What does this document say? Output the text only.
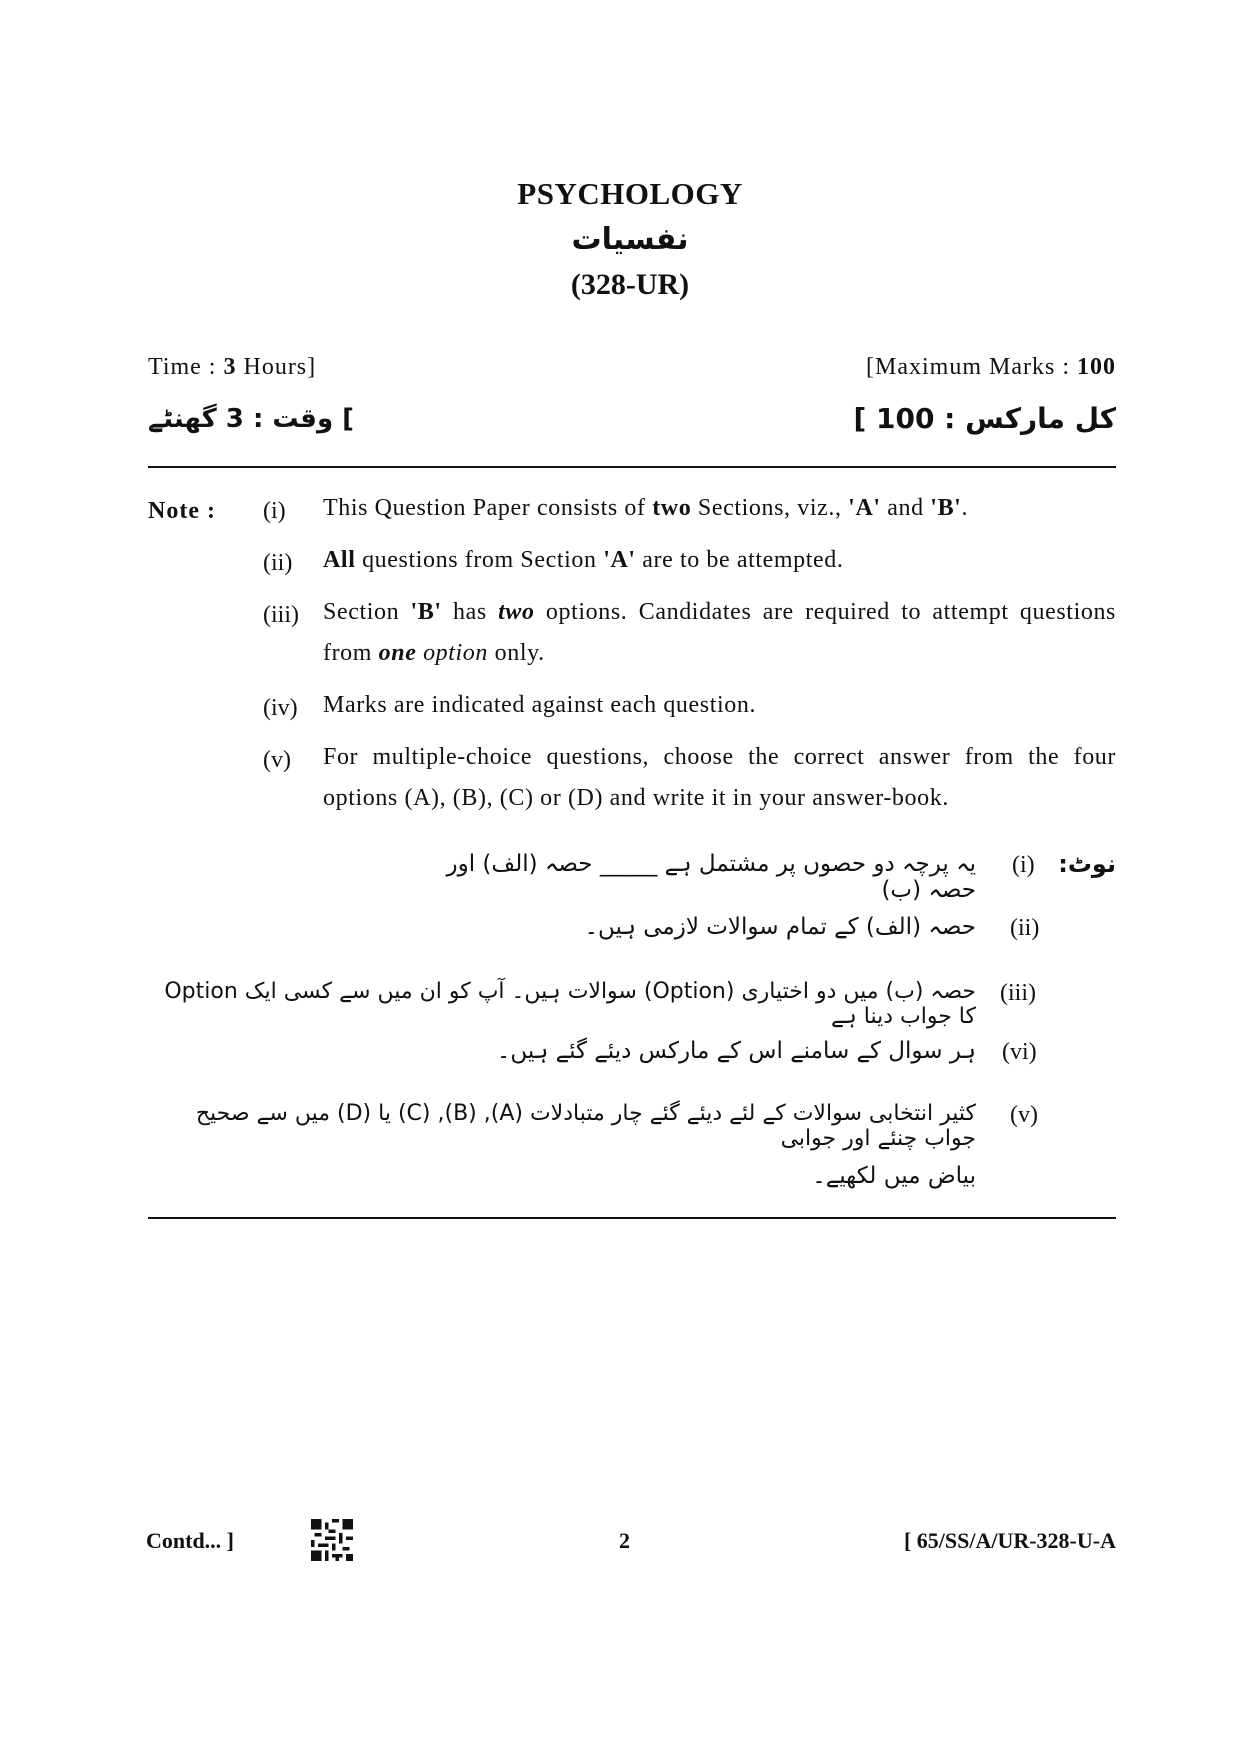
PSYCHOLOGY
نفسیات
(328-UR)
Time : 3 Hours]	[Maximum Marks : 100
] وقت : 3 گھنٹے	کل مارکس : 100 ]
Note : (i) This Question Paper consists of two Sections, viz., 'A' and 'B'.
(ii) All questions from Section 'A' are to be attempted.
(iii) Section 'B' has two options. Candidates are required to attempt questions from one option only.
(iv) Marks are indicated against each question.
(v) For multiple-choice questions, choose the correct answer from the four options (A), (B), (C) or (D) and write it in your answer-book.
نوٹ:
(i)
یہ پرچہ دو حصوں پر مشتمل ہے _____ حصہ (الف) اور حصہ (ب)
(ii)
حصہ (الف) کے تمام سوالات لازمی ہیں۔
(iii)
حصہ (ب) میں دو اختیاری (Option) سوالات ہیں۔ آپ کو ان میں سے کسی ایک Option کا جواب دینا ہے
(vi)
ہر سوال کے سامنے اس کے مارکس دیئے گئے ہیں۔
(v)
کثیر انتخابی سوالات کے لئے دیئے گئے چار متبادلات (A), (B), (C) یا (D) میں سے صحیح جواب چنئے اور جوابی
بیاض میں لکھیے۔
Contd... ]	2	[ 65/SS/A/UR-328-U-A
